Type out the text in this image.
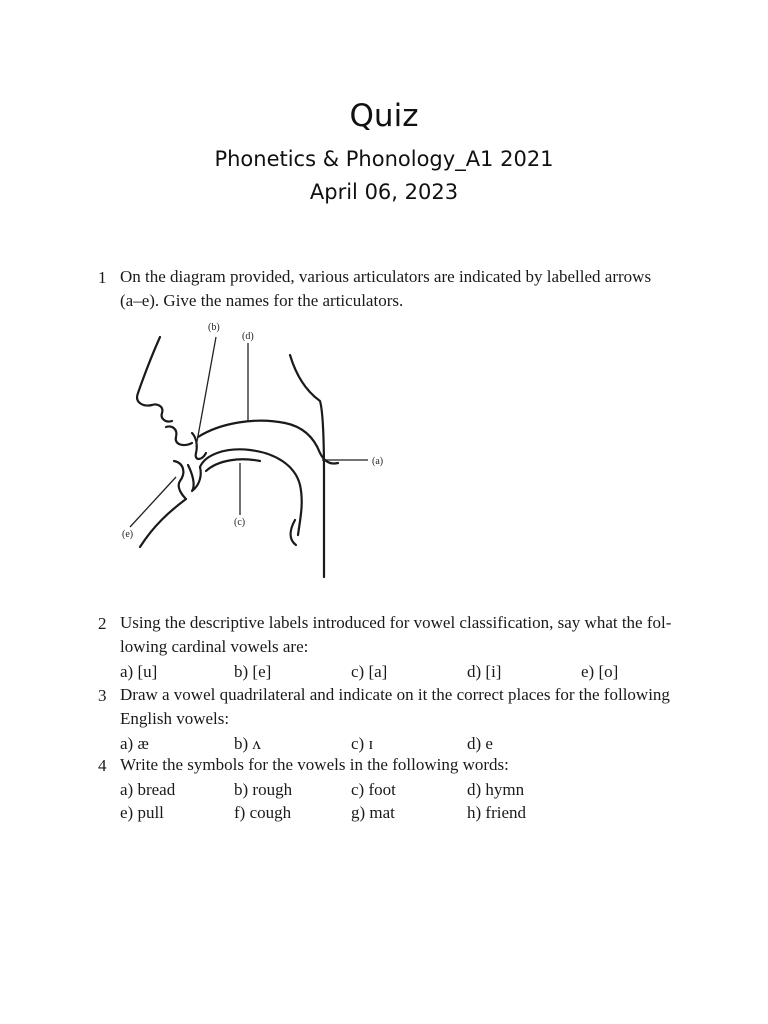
Quiz
Phonetics & Phonology_A1 2021
April 06, 2023
1 On the diagram provided, various articulators are indicated by labelled arrows
(a–e). Give the names for the articulators.
(a)
(b)
(c)
(d)
(e)
2 Using the descriptive labels introduced for vowel classification, say what the fol-
lowing cardinal vowels are:
a) [u]	b) [e]	c) [a]	d) [i]	e) [o]
3 Draw a vowel quadrilateral and indicate on it the correct places for the following
English vowels:
a) æ	b) ʌ	c) ɪ	d) e
4 Write the symbols for the vowels in the following words:
a) bread	b) rough	c) foot	d) hymn
e) pull	f) cough	g) mat	h) friend
